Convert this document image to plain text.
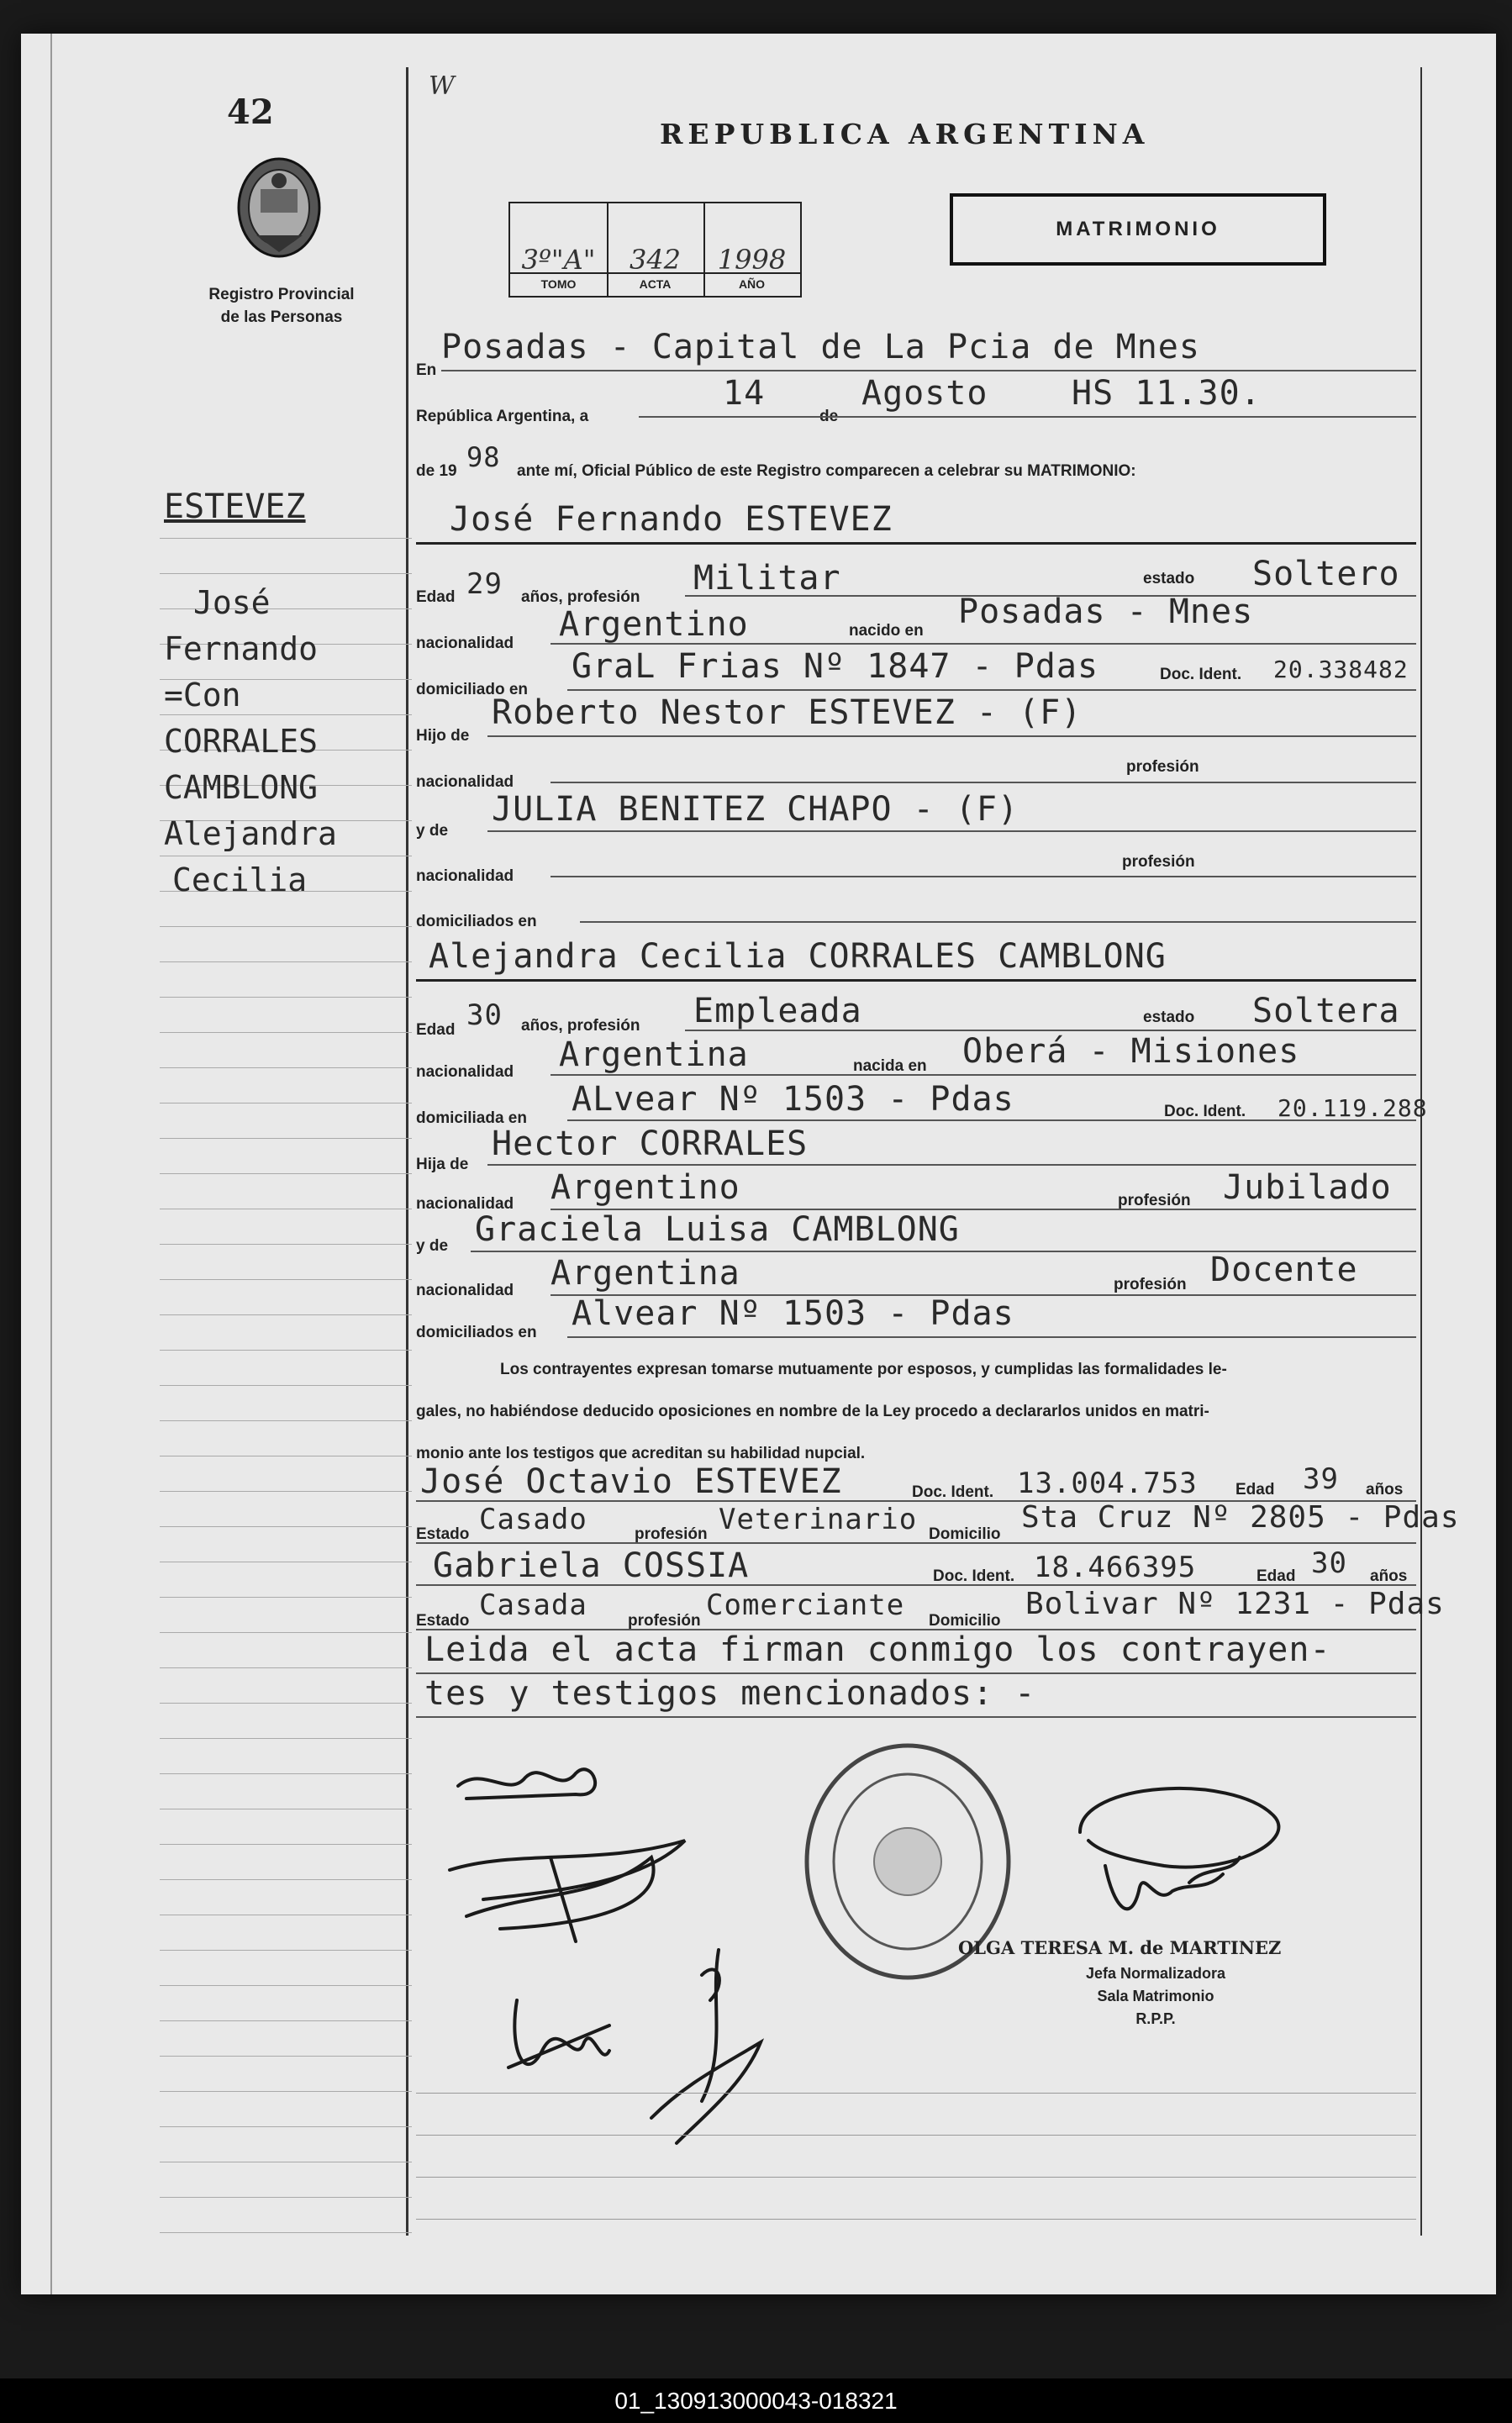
42
W
Registro Provincial
de las Personas
REPUBLICA ARGENTINA
3º"A"
TOMO
342
ACTA
1998
AÑO
MATRIMONIO
ESTEVEZ
José
Fernando
=Con
CORRALES
CAMBLONG
Alejandra
Cecilia
En
Posadas - Capital de La Pcia de Mnes
República Argentina, a
14
de
Agosto HS 11.30.
de 19 98 ante mí, Oficial Público de este Registro comparecen a celebrar su MATRIMONIO:
José Fernando ESTEVEZ
Edad 29 años, profesión Militar	estado Soltero
nacionalidad Argentino	nacido en Posadas - Mnes
domiciliado en
GraL Frias Nº 1847 - Pdas	Doc. Ident. 20.338482
Hijo de
Roberto Nestor ESTEVEZ - (F)
nacionalidad
profesión
y de
JULIA BENITEZ CHAPO - (F)
nacionalidad
profesión
domiciliados en
Alejandra Cecilia CORRALES CAMBLONG
Edad 30 años, profesión Empleada	estado Soltera
nacionalidad Argentina	nacida en Oberá - Misiones
domiciliada en ALvear Nº 1503 - Pdas	Doc. Ident. 20.119.288
Hija de
Hector CORRALES
nacionalidad Argentino	profesión Jubilado
y de Graciela Luisa CAMBLONG
nacionalidad Argentina	profesión Docente
domiciliados en Alvear Nº 1503 - Pdas
Los contrayentes expresan tomarse mutuamente por esposos, y cumplidas las formalidades le-
gales, no habiéndose deducido oposiciones en nombre de la Ley procedo a declararlos unidos en matri-
monio ante los testigos que acreditan su habilidad nupcial.
José Octavio ESTEVEZ	Doc. Ident. 13.004.753 Edad 39 años
Estado Casado	profesión Veterinario Domicilio Sta Cruz Nº 2805 - Pdas
Gabriela COSSIA	Doc. Ident. 18.466395	Edad 30 años
Estado Casada	profesión Comerciante Domicilio Bolivar Nº 1231 - Pdas
Leida el acta firman conmigo los contrayen-
tes y testigos mencionados: -
OLGA TERESA M. de MARTINEZ
Jefa Normalizadora
Sala Matrimonio
R.P.P.
01_130913000043-018321
